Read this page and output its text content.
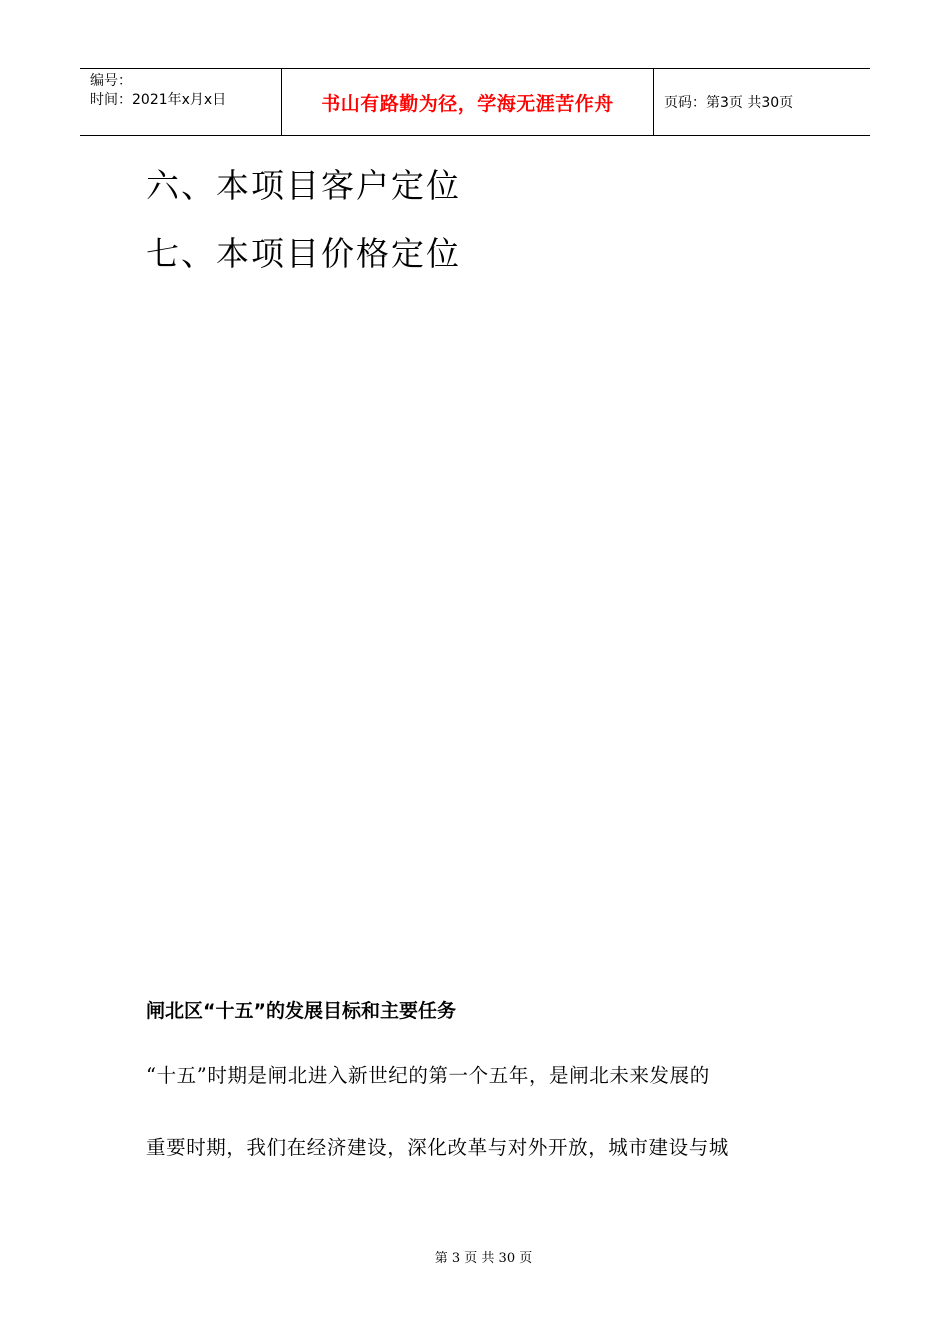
编号：
时间：2021年x月x日	书山有路勤为径，学海无涯苦作舟	页码：第3页 共30页
六、本项目客户定位
七、本项目价格定位
闸北区“十五”的发展目标和主要任务
“十五”时期是闸北进入新世纪的第一个五年，是闸北未来发展的
重要时期，我们在经济建设，深化改革与对外开放，城市建设与城
第 3 页 共 30 页
